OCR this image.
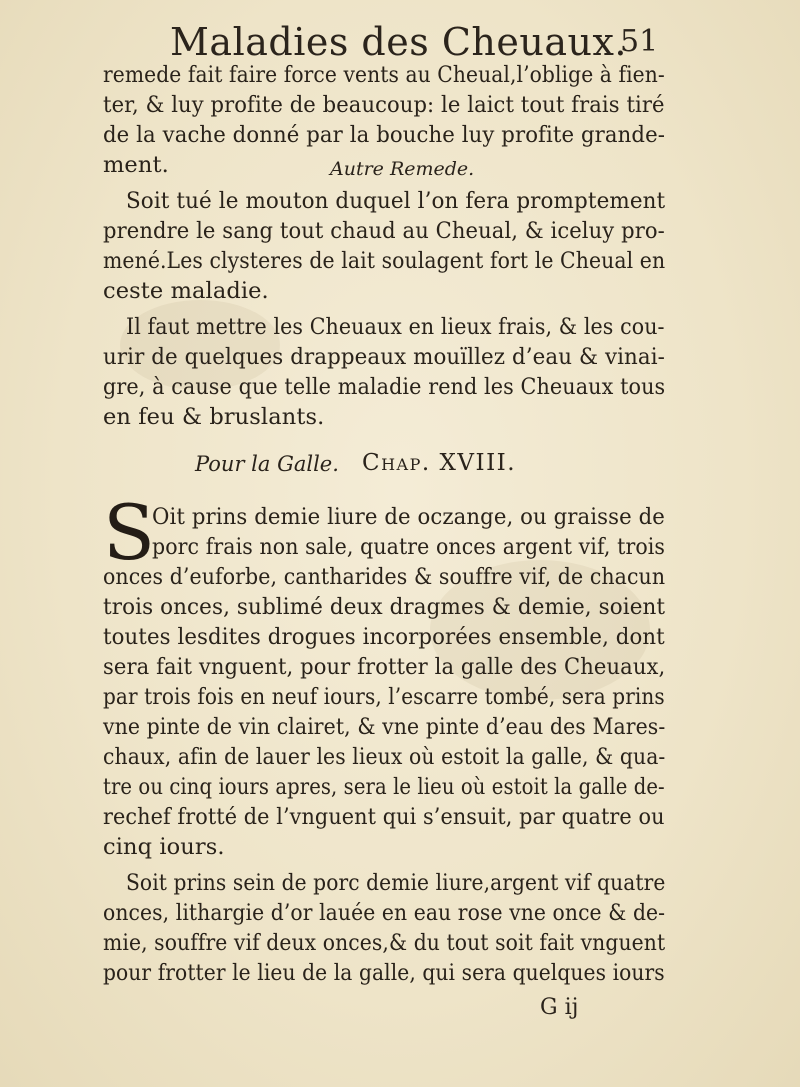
Maladies des Cheuaux.
51
remede fait faire force vents au Cheual,l’oblige à fien-
ter, & luy profite de beaucoup: le laict tout frais tiré
de la vache donné par la bouche luy profite grande-
ment.	Autre Remede.
Soit tué le mouton duquel l’on fera promptement
prendre le sang tout chaud au Cheual, & iceluy pro-
mené.Les clysteres de lait soulagent fort le Cheual en
ceste maladie.
Il faut mettre les Cheuaux en lieux frais, & les cou-
urir de quelques drappeaux mouïllez d’eau & vinai-
gre, à cause que telle maladie rend les Cheuaux tous
en feu & bruslants.
Pour la Galle. Chap. XVIII.
S
Oit prins demie liure de oczange, ou graisse de
porc frais non sale, quatre onces argent vif, trois
onces d’euforbe, cantharides & souffre vif, de chacun
trois onces, sublimé deux dragmes & demie, soient
toutes lesdites drogues incorporées ensemble, dont
sera fait vnguent, pour frotter la galle des Cheuaux,
par trois fois en neuf iours, l’escarre tombé, sera prins
vne pinte de vin clairet, & vne pinte d’eau des Mares-
chaux, afin de lauer les lieux où estoit la galle, & qua-
tre ou cinq iours apres, sera le lieu où estoit la galle de-
rechef frotté de l’vnguent qui s’ensuit, par quatre ou
cinq iours.
Soit prins sein de porc demie liure,argent vif quatre
onces, lithargie d’or lauée en eau rose vne once & de-
mie, souffre vif deux onces,& du tout soit fait vnguent
pour frotter le lieu de la galle, qui sera quelques iours
G ij
